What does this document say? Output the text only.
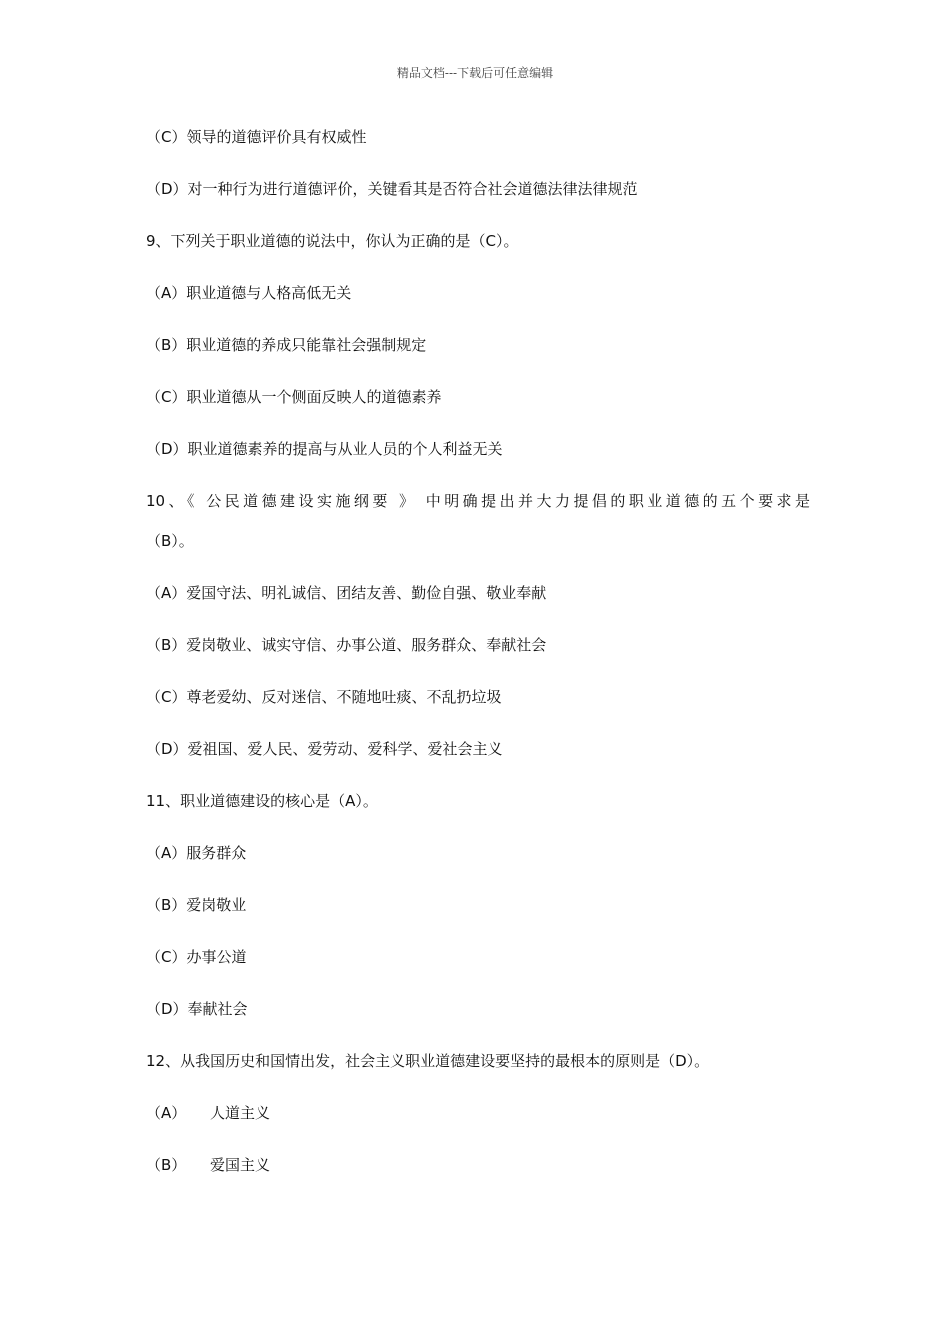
精品文档---下载后可任意编辑
（C）领导的道德评价具有权威性
（D）对一种行为进行道德评价，关键看其是否符合社会道德法律法律规范
9、下列关于职业道德的说法中，你认为正确的是（C）。
（A）职业道德与人格高低无关
（B）职业道德的养成只能靠社会强制规定
（C）职业道德从一个侧面反映人的道德素养
（D）职业道德素养的提高与从业人员的个人利益无关
10、《 公民道德建设实施纲要 》 中明确提出并大力提倡的职业道德的五个要求是
（B）。
（A）爱国守法、明礼诚信、团结友善、勤俭自强、敬业奉献
（B）爱岗敬业、诚实守信、办事公道、服务群众、奉献社会
（C）尊老爱幼、反对迷信、不随地吐痰、不乱扔垃圾
（D）爱祖国、爱人民、爱劳动、爱科学、爱社会主义
11、职业道德建设的核心是（A）。
（A）服务群众
（B）爱岗敬业
（C）办事公道
（D）奉献社会
12、从我国历史和国情出发，社会主义职业道德建设要坚持的最根本的原则是（D）。
（A） 人道主义
（B） 爱国主义
